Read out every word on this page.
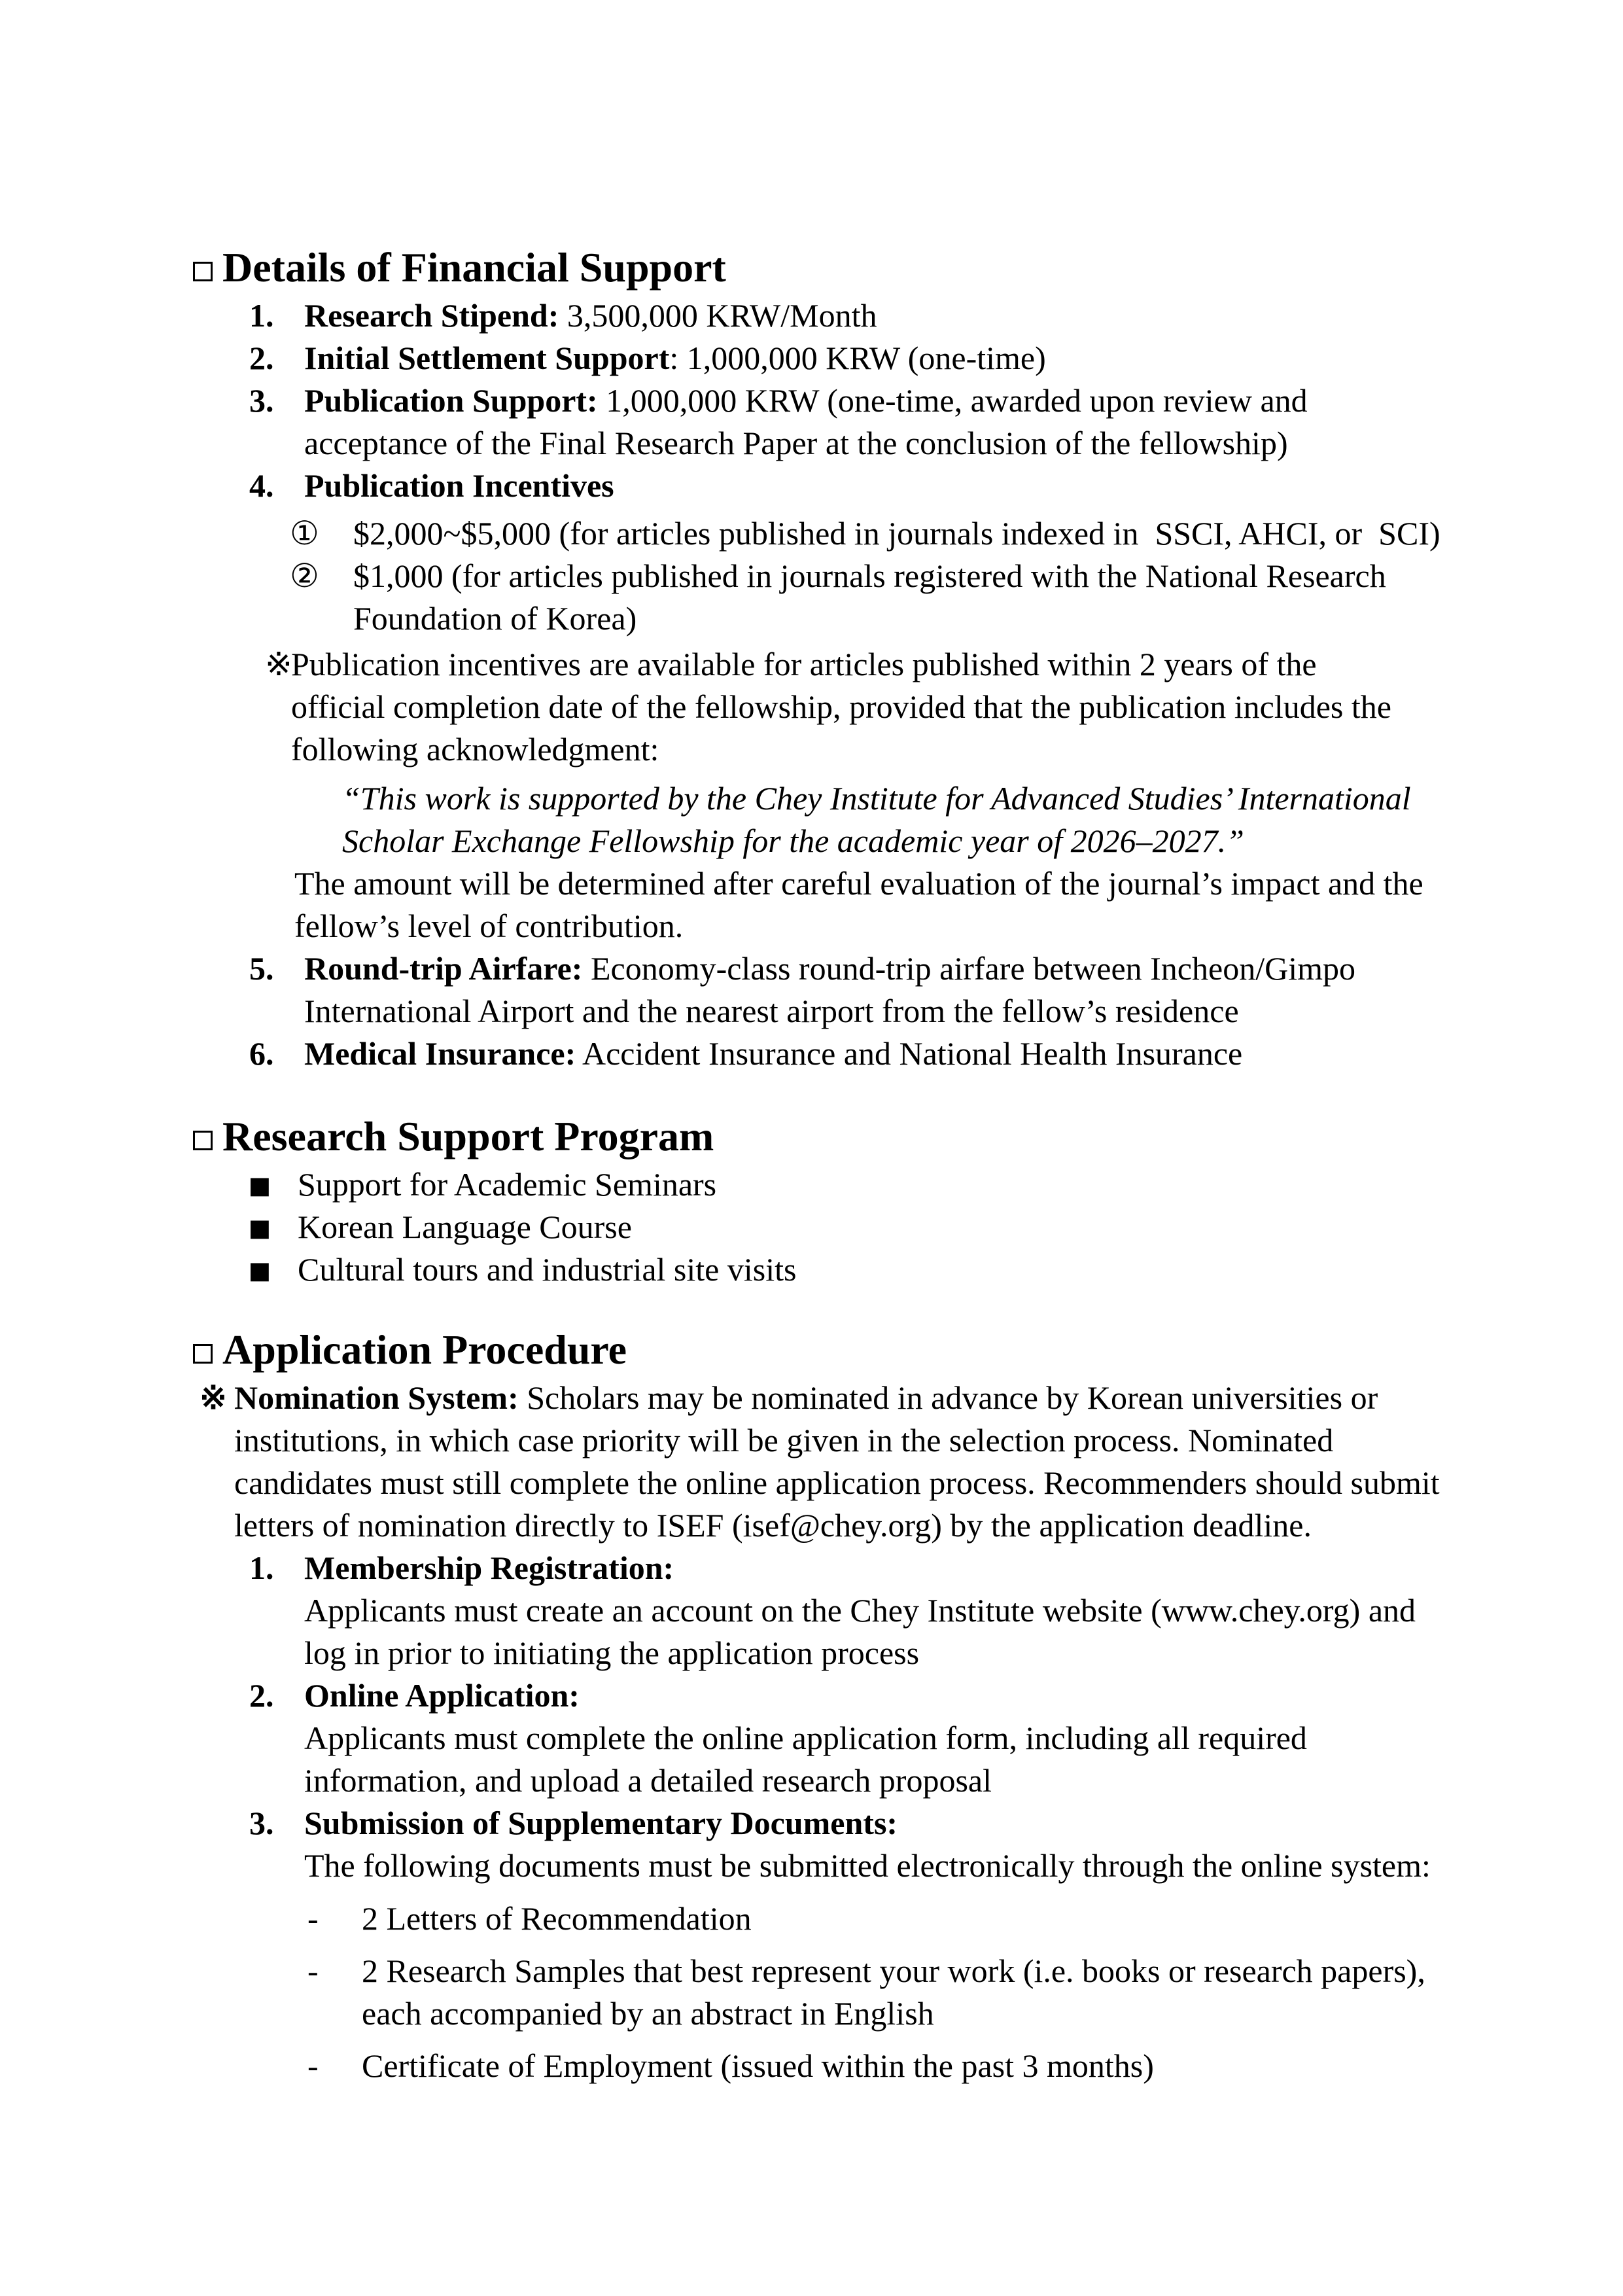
Details of Financial Support
1. Research Stipend: 3,500,000 KRW/Month
2. Initial Settlement Support: 1,000,000 KRW (one-time)
3. Publication Support: 1,000,000 KRW (one-time, awarded upon review and
acceptance of the Final Research Paper at the conclusion of the fellowship)
4. Publication Incentives
① $2,000~$5,000 (for articles published in journals indexed in  SSCI, AHCI, or  SCI)
② $1,000 (for articles published in journals registered with the National Research
Foundation of Korea)
※
Publication incentives are available for articles published within 2 years of the
official completion date of the fellowship, provided that the publication includes the
following acknowledgment:
“This work is supported by the Chey Institute for Advanced Studies’ International
Scholar Exchange Fellowship for the academic year of 2026–2027.”
The amount will be determined after careful evaluation of the journal’s impact and the
fellow’s level of contribution.
5. Round-trip Airfare: Economy-class round-trip airfare between Incheon/Gimpo
International Airport and the nearest airport from the fellow’s residence
6. Medical Insurance: Accident Insurance and National Health Insurance
Research Support Program
▪ Support for Academic Seminars
▪ Korean Language Course
▪ Cultural tours and industrial site visits
Application Procedure
※ Nomination System: Scholars may be nominated in advance by Korean universities or
institutions, in which case priority will be given in the selection process. Nominated
candidates must still complete the online application process. Recommenders should submit
letters of nomination directly to ISEF (isef@chey.org) by the application deadline.
1. Membership Registration:
Applicants must create an account on the Chey Institute website (www.chey.org) and
log in prior to initiating the application process
2. Online Application:
Applicants must complete the online application form, including all required
information, and upload a detailed research proposal
3. Submission of Supplementary Documents:
The following documents must be submitted electronically through the online system:
- 2 Letters of Recommendation
- 2 Research Samples that best represent your work (i.e. books or research papers),
each accompanied by an abstract in English
- Certificate of Employment (issued within the past 3 months)
